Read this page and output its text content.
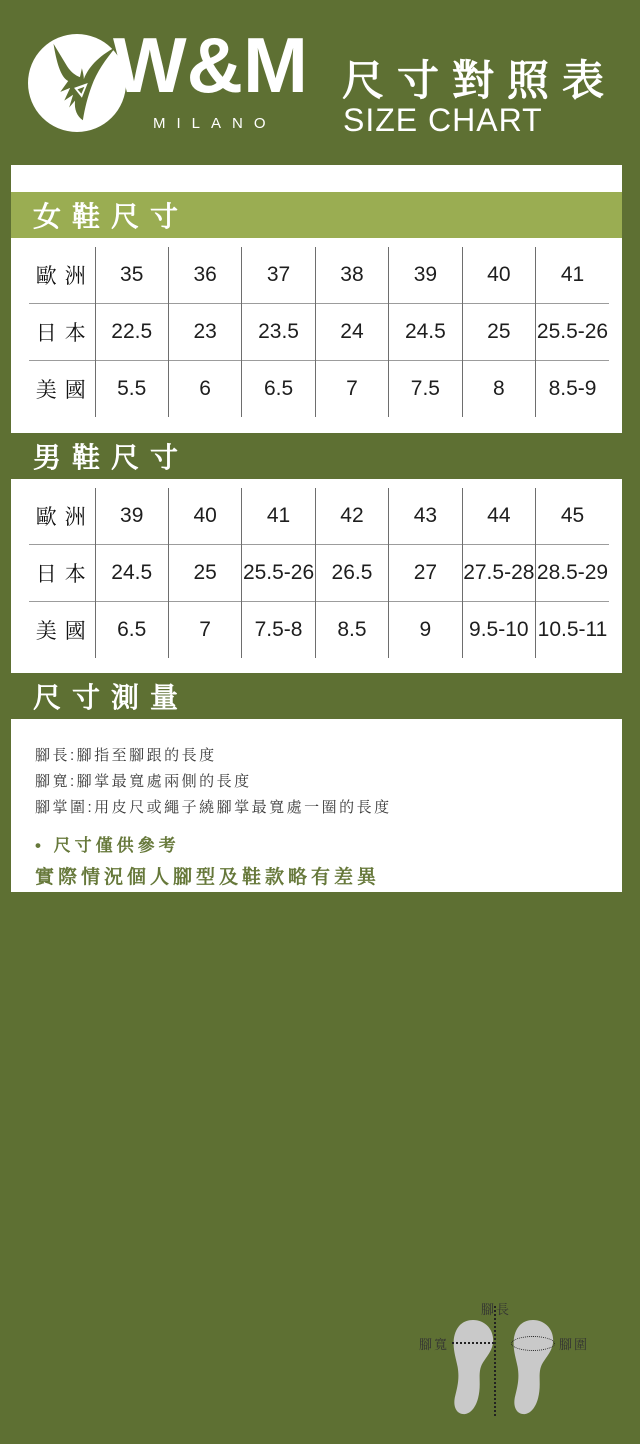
W&M
MILANO
尺寸對照表
SIZE CHART
女鞋尺寸
歐洲	35	36	37	38	39	40	41
日本	22.5	23	23.5	24	24.5	25	25.5-26
美國	5.5	6	6.5	7	7.5	8	8.5-9
男鞋尺寸
歐洲	39	40	41	42	43	44	45
日本	24.5	25	25.5-26	26.5	27	27.5-28	28.5-29
美國	6.5	7	7.5-8	8.5	9	9.5-10	10.5-11
尺寸測量
腳長:腳指至腳跟的長度
腳寬:腳掌最寬處兩側的長度
腳掌圍:用皮尺或繩子繞腳掌最寬處一圈的長度
• 尺寸僅供參考
實際情況個人腳型及鞋款略有差異
腳長
腳寬	腳圍
